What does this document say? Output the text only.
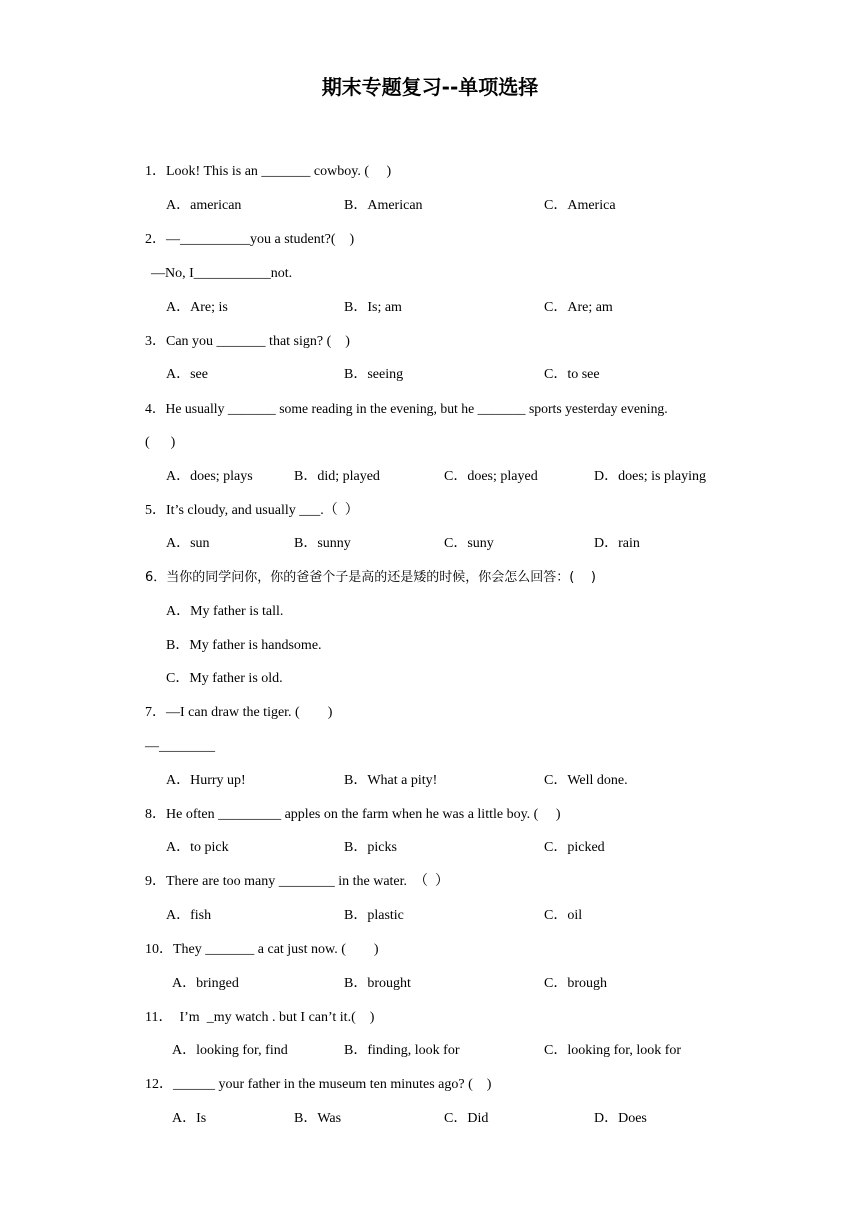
期末专题复习--单项选择
1．Look! This is an _______ cowboy. (     )
A．american	B．American	C．America
2．—__________you a student?(    )
—No, I___________not.
A．Are; is	B．Is; am	C．Are; am
3．Can you _______ that sign? (    )
A．see	B．seeing	C．to see
4．He usually _______ some reading in the evening, but he _______ sports yesterday evening.
(      )
A．does; plays	B．did; played	C．does; played	D．does; is playing
5．It’s cloudy, and usually ___.（  ）
A．sun	B．sunny	C．suny	D．rain
6．当你的同学问你，你的爸爸个子是高的还是矮的时候，你会怎么回答：(    )
A．My father is tall.
B．My father is handsome.
C．My father is old.
7．—I can draw the tiger. (        )
—________
A．Hurry up!	B．What a pity!	C．Well done.
8．He often _________ apples on the farm when he was a little boy. (     )
A．to pick	B．picks	C．picked
9．There are too many ________ in the water.  （  ）
A．fish	B．plastic	C．oil
10．They _______ a cat just now. (        )
A．bringed	B．brought	C．brough
11．  I’m  _my watch . but I can’t it.(    )
A．looking for, find	B．finding, look for	C．looking for, look for
12．______ your father in the museum ten minutes ago? (    )
A．Is	B．Was	C．Did	D．Does
